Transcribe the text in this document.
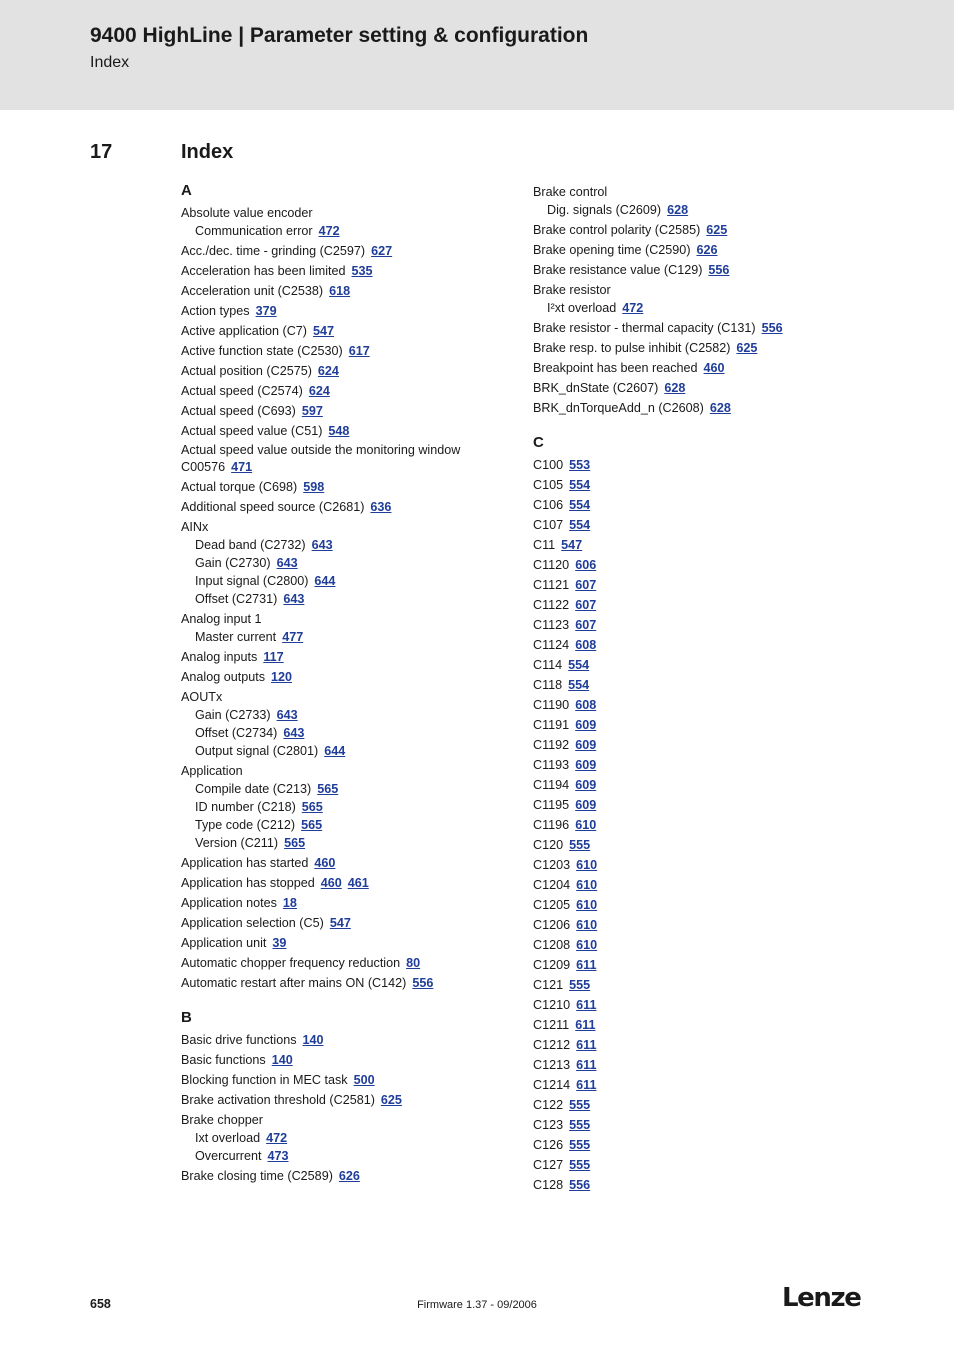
9400 HighLine | Parameter setting & configuration
Index
17	Index
A
Absolute value encoder
Communication error 472
Acc./dec. time - grinding (C2597) 627
Acceleration has been limited 535
Acceleration unit (C2538) 618
Action types 379
Active application (C7) 547
Active function state (C2530) 617
Actual position (C2575) 624
Actual speed (C2574) 624
Actual speed (C693) 597
Actual speed value (C51) 548
Actual speed value outside the monitoring window C00576 471
Actual torque (C698) 598
Additional speed source (C2681) 636
AINx
Dead band (C2732) 643
Gain (C2730) 643
Input signal (C2800) 644
Offset (C2731) 643
Analog input 1
Master current 477
Analog inputs 117
Analog outputs 120
AOUTx
Gain (C2733) 643
Offset (C2734) 643
Output signal (C2801) 644
Application
Compile date (C213) 565
ID number (C218) 565
Type code (C212) 565
Version (C211) 565
Application has started 460
Application has stopped 460 461
Application notes 18
Application selection (C5) 547
Application unit 39
Automatic chopper frequency reduction 80
Automatic restart after mains ON (C142) 556
B
Basic drive functions 140
Basic functions 140
Blocking function in MEC task 500
Brake activation threshold (C2581) 625
Brake chopper
Ixt overload 472
Overcurrent 473
Brake closing time (C2589) 626
Brake control
Dig. signals (C2609) 628
Brake control polarity (C2585) 625
Brake opening time (C2590) 626
Brake resistance value (C129) 556
Brake resistor
I²xt overload 472
Brake resistor - thermal capacity (C131) 556
Brake resp. to pulse inhibit (C2582) 625
Breakpoint has been reached 460
BRK_dnState (C2607) 628
BRK_dnTorqueAdd_n (C2608) 628
C
C100 553
C105 554
C106 554
C107 554
C11 547
C1120 606
C1121 607
C1122 607
C1123 607
C1124 608
C114 554
C118 554
C1190 608
C1191 609
C1192 609
C1193 609
C1194 609
C1195 609
C1196 610
C120 555
C1203 610
C1204 610
C1205 610
C1206 610
C1208 610
C1209 611
C121 555
C1210 611
C1211 611
C1212 611
C1213 611
C1214 611
C122 555
C123 555
C126 555
C127 555
C128 556
658	Firmware 1.37 - 09/2006	Lenze
